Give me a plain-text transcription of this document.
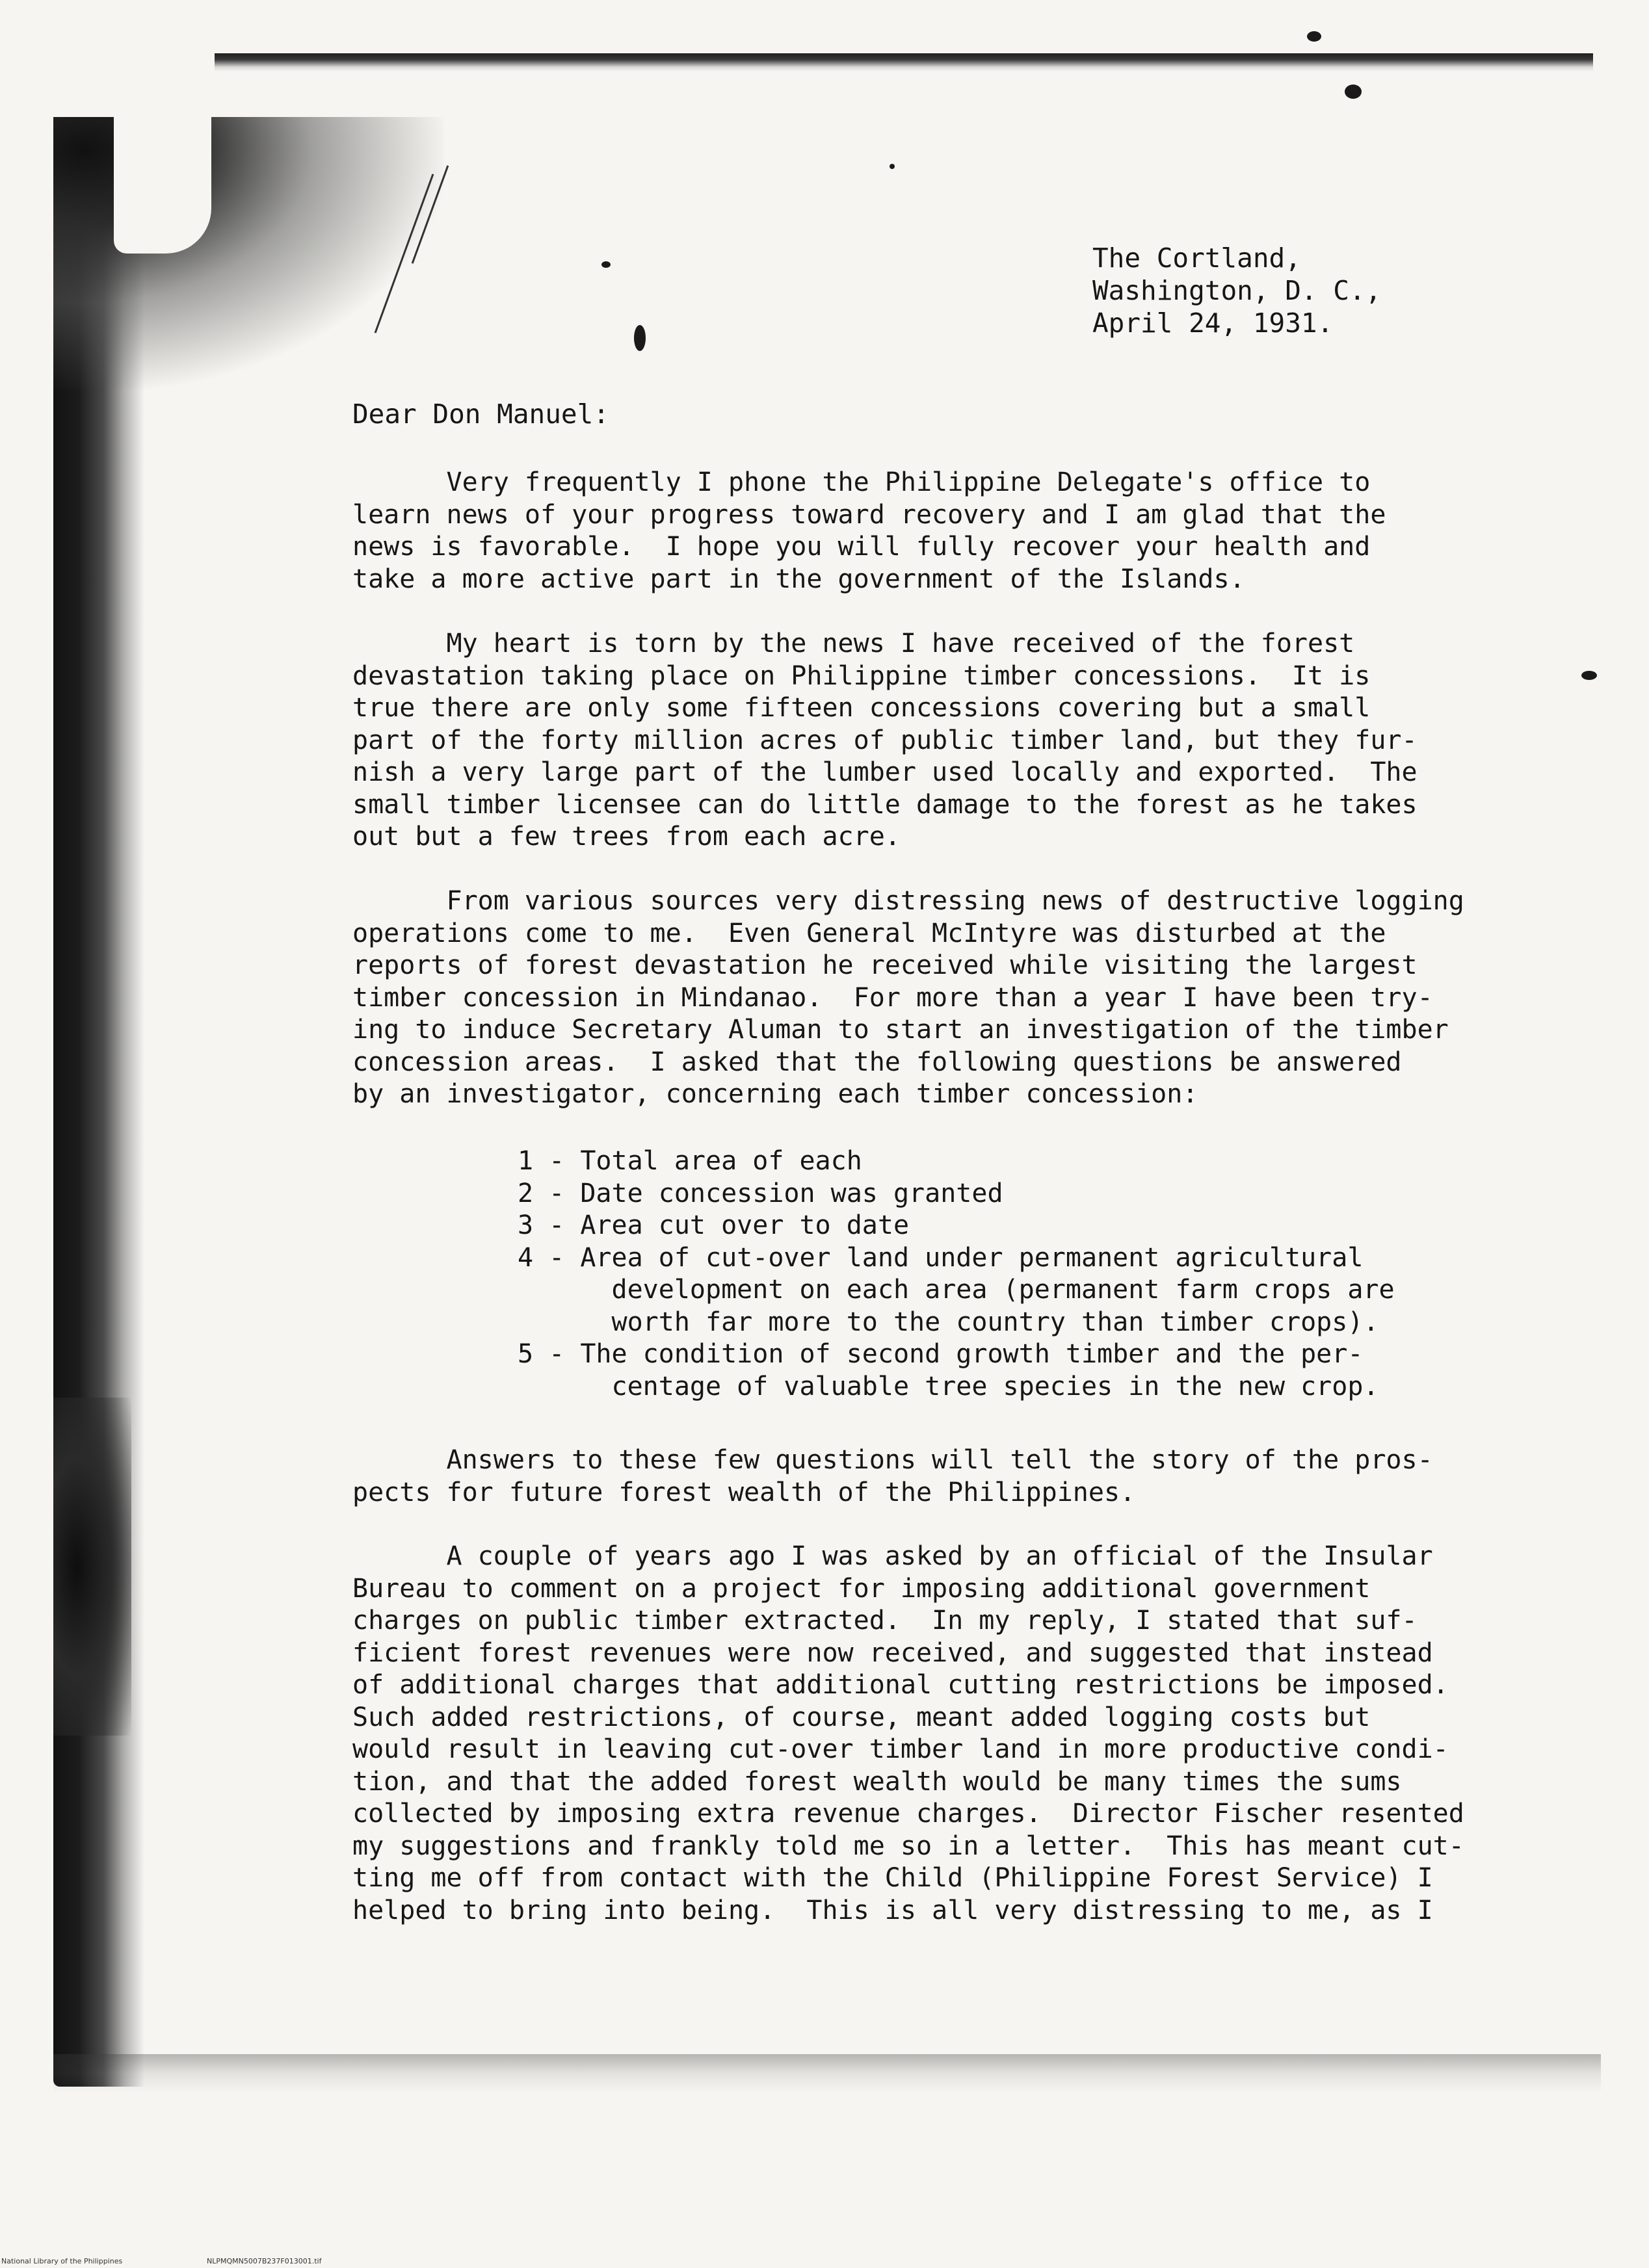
The Cortland,
Washington, D. C.,
April 24, 1931.
Dear Don Manuel:
Very frequently I phone the Philippine Delegate's office to
learn news of your progress toward recovery and I am glad that the
news is favorable.  I hope you will fully recover your health and
take a more active part in the government of the Islands.
My heart is torn by the news I have received of the forest
devastation taking place on Philippine timber concessions.  It is
true there are only some fifteen concessions covering but a small
part of the forty million acres of public timber land, but they fur-
nish a very large part of the lumber used locally and exported.  The
small timber licensee can do little damage to the forest as he takes
out but a few trees from each acre.
From various sources very distressing news of destructive logging
operations come to me.  Even General McIntyre was disturbed at the
reports of forest devastation he received while visiting the largest
timber concession in Mindanao.  For more than a year I have been try-
ing to induce Secretary Aluman to start an investigation of the timber
concession areas.  I asked that the following questions be answered
by an investigator, concerning each timber concession:
1 - Total area of each
2 - Date concession was granted
3 - Area cut over to date
4 - Area of cut-over land under permanent agricultural
development on each area (permanent farm crops are
worth far more to the country than timber crops).
5 - The condition of second growth timber and the per-
centage of valuable tree species in the new crop.
Answers to these few questions will tell the story of the pros-
pects for future forest wealth of the Philippines.
A couple of years ago I was asked by an official of the Insular
Bureau to comment on a project for imposing additional government
charges on public timber extracted.  In my reply, I stated that suf-
ficient forest revenues were now received, and suggested that instead
of additional charges that additional cutting restrictions be imposed.
Such added restrictions, of course, meant added logging costs but
would result in leaving cut-over timber land in more productive condi-
tion, and that the added forest wealth would be many times the sums
collected by imposing extra revenue charges.  Director Fischer resented
my suggestions and frankly told me so in a letter.  This has meant cut-
ting me off from contact with the Child (Philippine Forest Service) I
helped to bring into being.  This is all very distressing to me, as I
National Library of the Philippines	NLPMQMN5007B237F013001.tif
